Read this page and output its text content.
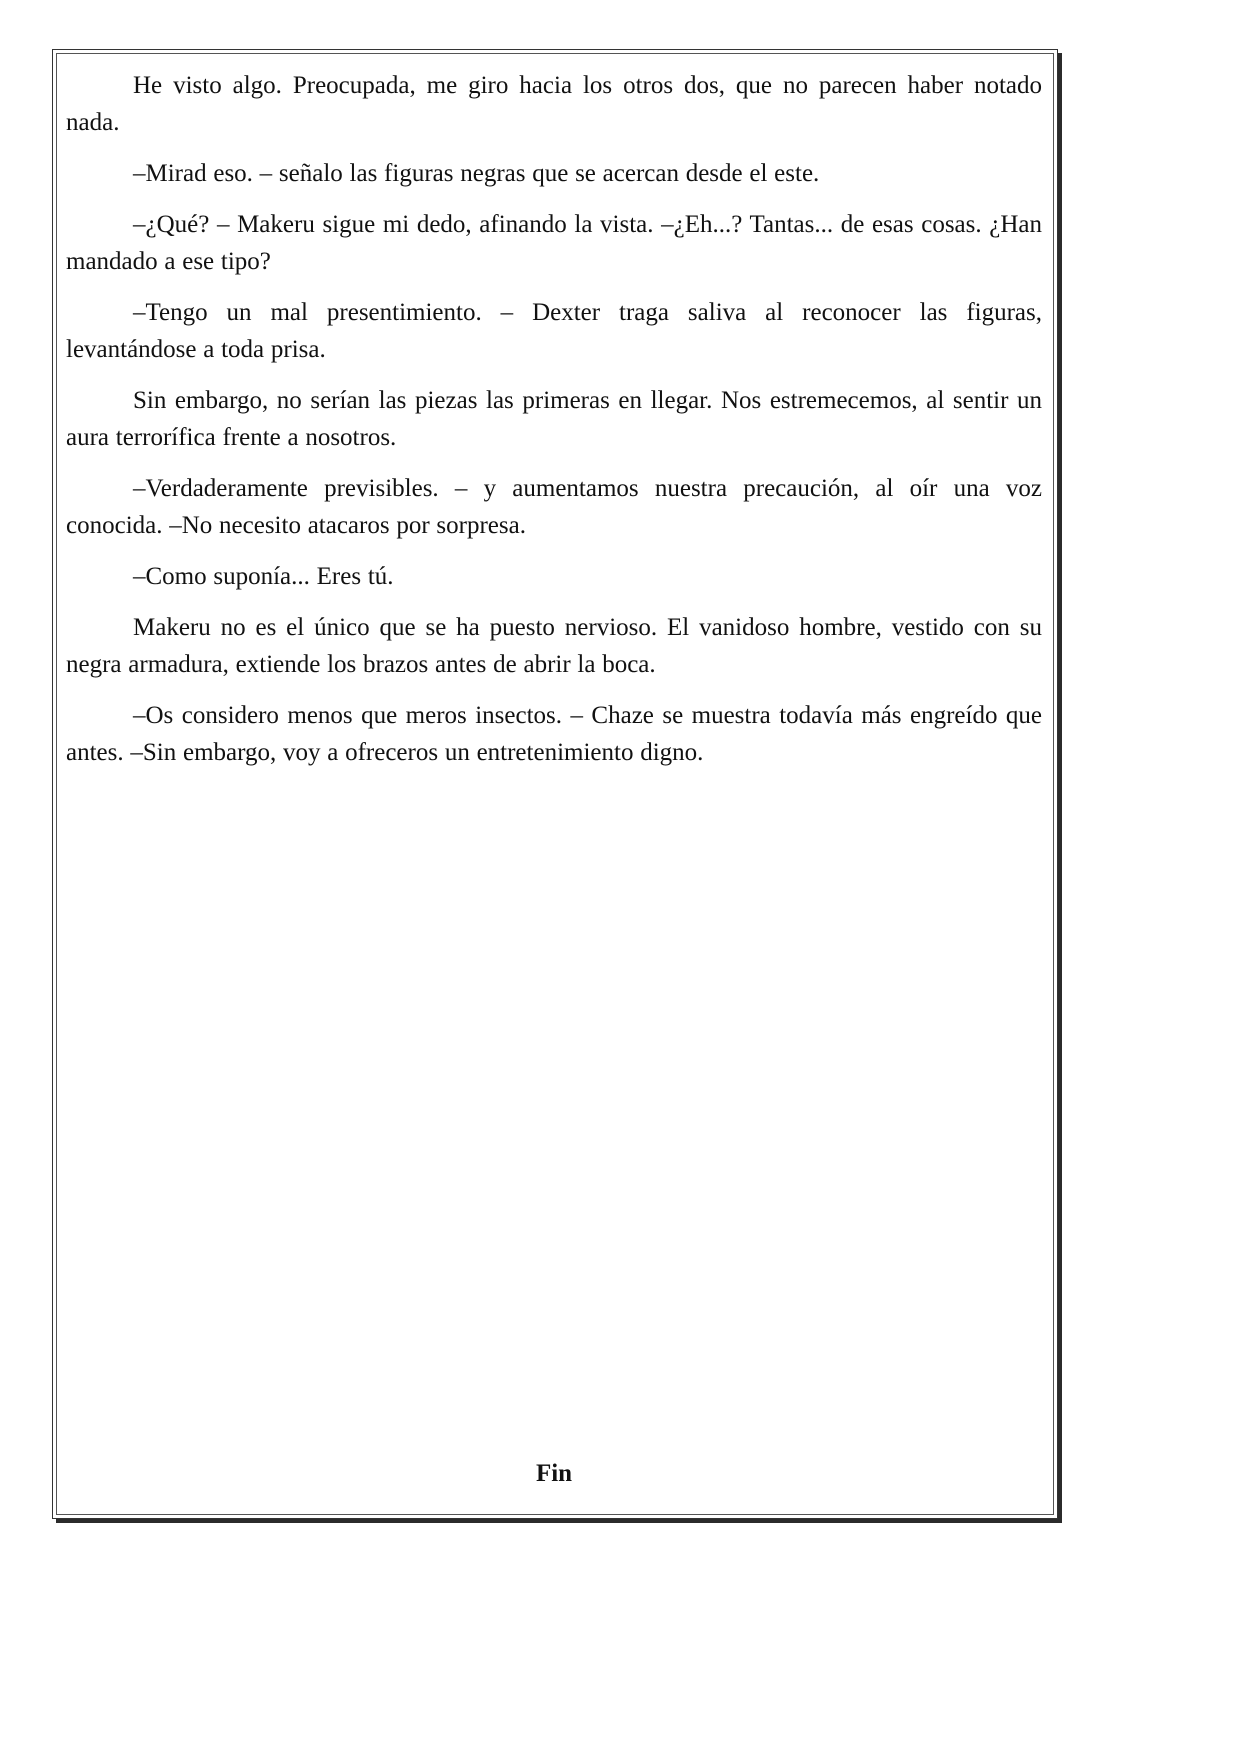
He visto algo. Preocupada, me giro hacia los otros dos, que no parecen haber notado nada.

–Mirad eso. – señalo las figuras negras que se acercan desde el este.

–¿Qué? – Makeru sigue mi dedo, afinando la vista. –¿Eh...? Tantas... de esas cosas. ¿Han mandado a ese tipo?

–Tengo un mal presentimiento. – Dexter traga saliva al reconocer las figuras, levantándose a toda prisa.

Sin embargo, no serían las piezas las primeras en llegar. Nos estremecemos, al sentir un aura terrorífica frente a nosotros.

–Verdaderamente previsibles. – y aumentamos nuestra precaución, al oír una voz conocida. –No necesito atacaros por sorpresa.

–Como suponía... Eres tú.

Makeru no es el único que se ha puesto nervioso. El vanidoso hombre, vestido con su negra armadura, extiende los brazos antes de abrir la boca.

–Os considero menos que meros insectos. – Chaze se muestra todavía más engreído que antes. –Sin embargo, voy a ofreceros un entretenimiento digno.

Fin
